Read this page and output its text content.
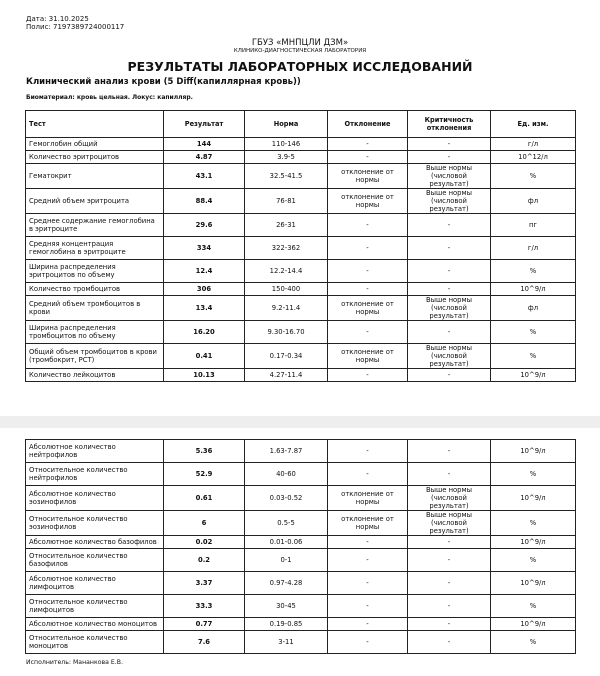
Дата: 31.10.2025
Полис: 7197389724000117
ГБУЗ «МНПЦЛИ ДЗМ»
КЛИНИКО-ДИАГНОСТИЧЕСКАЯ ЛАБОРАТОРИЯ
РЕЗУЛЬТАТЫ ЛАБОРАТОРНЫХ ИССЛЕДОВАНИЙ
Клинический анализ крови (5 Diff(капиллярная кровь))
Биоматериал: кровь цельная. Локус: капилляр.
Тест	Результат	Норма	Отклонение	Критичность отклонения	Ед. изм.
Гемоглобин общий	144	110-146	-	-	г/л
Количество эритроцитов	4.87	3.9-5	-	-	10^12/л
Гематокрит	43.1	32.5-41.5	отклонение от нормы	Выше нормы (числовой результат)	%
Средний объем эритроцита	88.4	76-81	отклонение от нормы	Выше нормы (числовой результат)	фл
Среднее содержание гемоглобина в эритроците	29.6	26-31	-	-	пг
Средняя концентрация гемоглобина в эритроците	334	322-362	-	-	г/л
Ширина распределения эритроцитов по объему	12.4	12.2-14.4	-	-	%
Количество тромбоцитов	306	150-400	-	-	10^9/л
Средний объем тромбоцитов в крови	13.4	9.2-11.4	отклонение от нормы	Выше нормы (числовой результат)	фл
Ширина распределения тромбоцитов по объему	16.20	9.30-16.70	-	-	%
Общий объем тромбоцитов в крови (тромбокрит, PCT)	0.41	0.17-0.34	отклонение от нормы	Выше нормы (числовой результат)	%
Количество лейкоцитов	10.13	4.27-11.4	-	-	10^9/л
Абсолютное количество нейтрофилов	5.36	1.63-7.87	-	-	10^9/л
Относительное количество нейтрофилов	52.9	40-60	-	-	%
Абсолютное количество эозинофилов	0.61	0.03-0.52	отклонение от нормы	Выше нормы (числовой результат)	10^9/л
Относительное количество эозинофилов	6	0.5-5	отклонение от нормы	Выше нормы (числовой результат)	%
Абсолютное количество базофилов	0.02	0.01-0.06	-	-	10^9/л
Относительное количество базофилов	0.2	0-1	-	-	%
Абсолютное количество лимфоцитов	3.37	0.97-4.28	-	-	10^9/л
Относительное количество лимфоцитов	33.3	30-45	-	-	%
Абсолютное количество моноцитов	0.77	0.19-0.85	-	-	10^9/л
Относительное количество моноцитов	7.6	3-11	-	-	%
Исполнитель: Мананкова Е.В.
